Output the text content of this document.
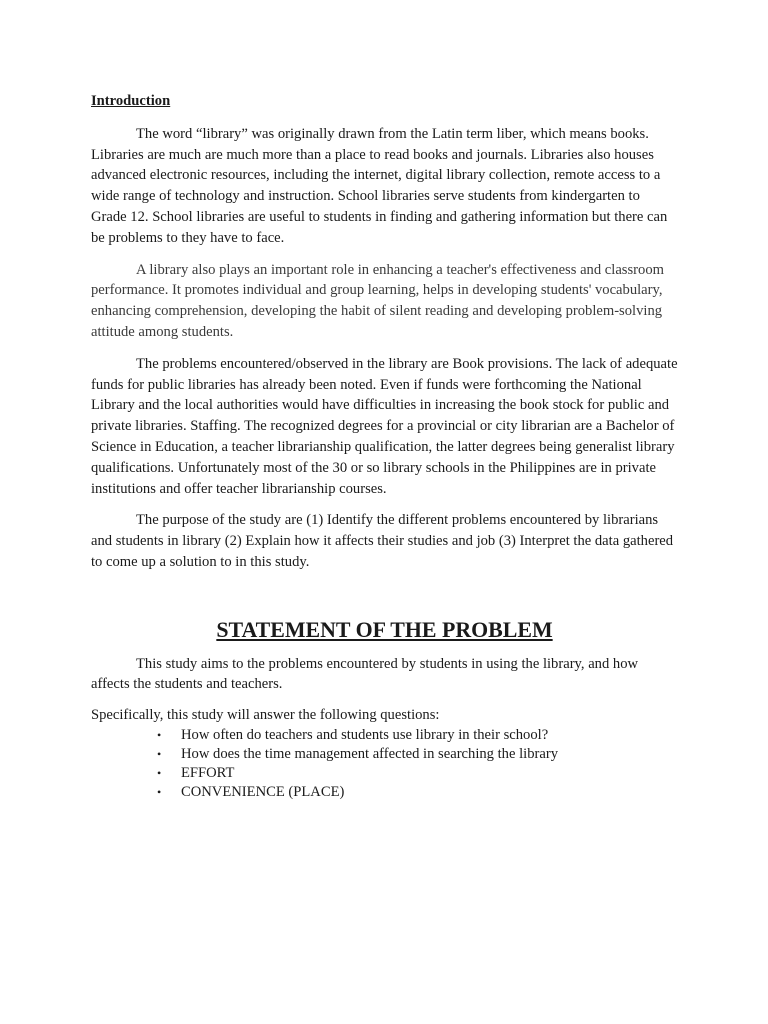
Introduction

The word “library” was originally drawn from the Latin term liber, which means books. Libraries are much are much more than a place to read books and journals. Libraries also houses advanced electronic resources, including the internet, digital library collection, remote access to a wide range of technology and instruction. School libraries serve students from kindergarten to Grade 12. School libraries are useful to students in finding and gathering information but there can be problems to they have to face.

A library also plays an important role in enhancing a teacher's effectiveness and classroom performance. It promotes individual and group learning, helps in developing students' vocabulary, enhancing comprehension, developing the habit of silent reading and developing problem-solving attitude among students.

The problems encountered/observed in the library are Book provisions. The lack of adequate funds for public libraries has already been noted. Even if funds were forthcoming the National Library and the local authorities would have difficulties in increasing the book stock for public and private libraries. Staffing. The recognized degrees for a provincial or city librarian are a Bachelor of Science in Education, a teacher librarianship qualification, the latter degrees being generalist library qualifications. Unfortunately most of the 30 or so library schools in the Philippines are in private institutions and offer teacher librarianship courses.

The purpose of the study are (1) Identify the different problems encountered by librarians and students in library (2) Explain how it affects their studies and job (3) Interpret the data gathered to come up a solution to in this study.

STATEMENT OF THE PROBLEM

This study aims to the problems encountered by students in using the library, and how affects the students and teachers.

Specifically, this study will answer the following questions:

• How often do teachers and students use library in their school?
• How does the time management affected in searching the library
• EFFORT
• CONVENIENCE (PLACE)
